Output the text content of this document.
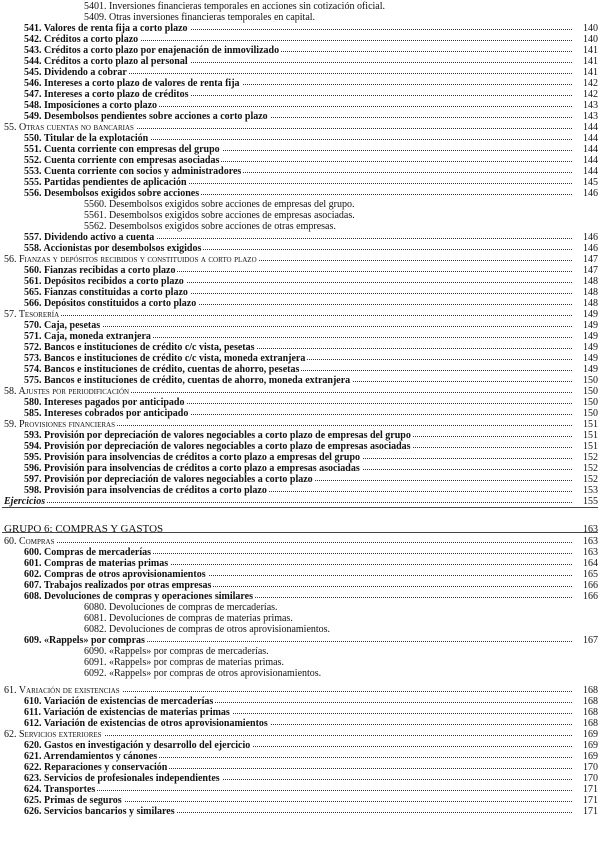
5401. Inversiones financieras temporales en acciones sin cotización oficial.
5409. Otras inversiones financieras temporales en capital.
541. Valores de renta fija a corto plazo	140
542. Créditos a corto plazo	140
543. Créditos a corto plazo por enajenación de inmovilizado	141
544. Créditos a corto plazo al personal	141
545. Dividendo a cobrar	141
546. Intereses a corto plazo de valores de renta fija	142
547. Intereses a corto plazo de créditos	142
548. Imposiciones a corto plazo	143
549. Desembolsos pendientes sobre acciones a corto plazo	143
55. Otras cuentas no bancarias	144
550. Titular de la explotación	144
551. Cuenta corriente con empresas del grupo	144
552. Cuenta corriente con empresas asociadas	144
553. Cuenta corriente con socios y administradores	144
555. Partidas pendientes de aplicación	145
556. Desembolsos exigidos sobre acciones	146
5560. Desembolsos exigidos sobre acciones de empresas del grupo.
5561. Desembolsos exigidos sobre acciones de empresas asociadas.
5562. Desembolsos exigidos sobre acciones de otras empresas.
557. Dividendo activo a cuenta	146
558. Accionistas por desembolsos exigidos	146
56. Fianzas y depósitos recibidos y constituidos a corto plazo	147
560. Fianzas recibidas a corto plazo	147
561. Depósitos recibidos a corto plazo	148
565. Fianzas constituidas a corto plazo	148
566. Depósitos constituidos a corto plazo	148
57. Tesorería	149
570. Caja, pesetas	149
571. Caja, moneda extranjera	149
572. Bancos e instituciones de crédito c/c vista, pesetas	149
573. Bancos e instituciones de crédito c/c vista, moneda extranjera	149
574. Bancos e instituciones de crédito, cuentas de ahorro, pesetas	149
575. Bancos e instituciones de crédito, cuentas de ahorro, moneda extranjera	150
58. Ajustes por periodificación	150
580. Intereses pagados por anticipado	150
585. Intereses cobrados por anticipado	150
59. Provisiones financieras	151
593. Provisión por depreciación de valores negociables a corto plazo de empresas del grupo	151
594. Provisión por depreciación de valores negociables a corto plazo de empresas asociadas	151
595. Provisión para insolvencias de créditos a corto plazo a empresas del grupo	152
596. Provisión para insolvencias de créditos a corto plazo a empresas asociadas	152
597. Provisión por depreciación de valores negociables a corto plazo	152
598. Provisión para insolvencias de créditos a corto plazo	153
Ejercicios	155
GRUPO 6: COMPRAS Y GASTOS	163
60. Compras	163
600. Compras de mercaderías	163
601. Compras de materias primas	164
602. Compras de otros aprovisionamientos	165
607. Trabajos realizados por otras empresas	166
608. Devoluciones de compras y operaciones similares	166
6080. Devoluciones de compras de mercaderías.
6081. Devoluciones de compras de materias primas.
6082. Devoluciones de compras de otros aprovisionamientos.
609. «Rappels» por compras	167
6090. «Rappels» por compras de mercaderías.
6091. «Rappels» por compras de materias primas.
6092. «Rappels» por compras de otros aprovisionamientos.
61. Variación de existencias	168
610. Variación de existencias de mercaderías	168
611. Variación de existencias de materias primas	168
612. Variación de existencias de otros aprovisionamientos	168
62. Servicios exteriores	169
620. Gastos en investigación y desarrollo del ejercicio	169
621. Arrendamientos y cánones	169
622. Reparaciones y conservación	170
623. Servicios de profesionales independientes	170
624. Transportes	171
625. Primas de seguros	171
626. Servicios bancarios y similares	171
